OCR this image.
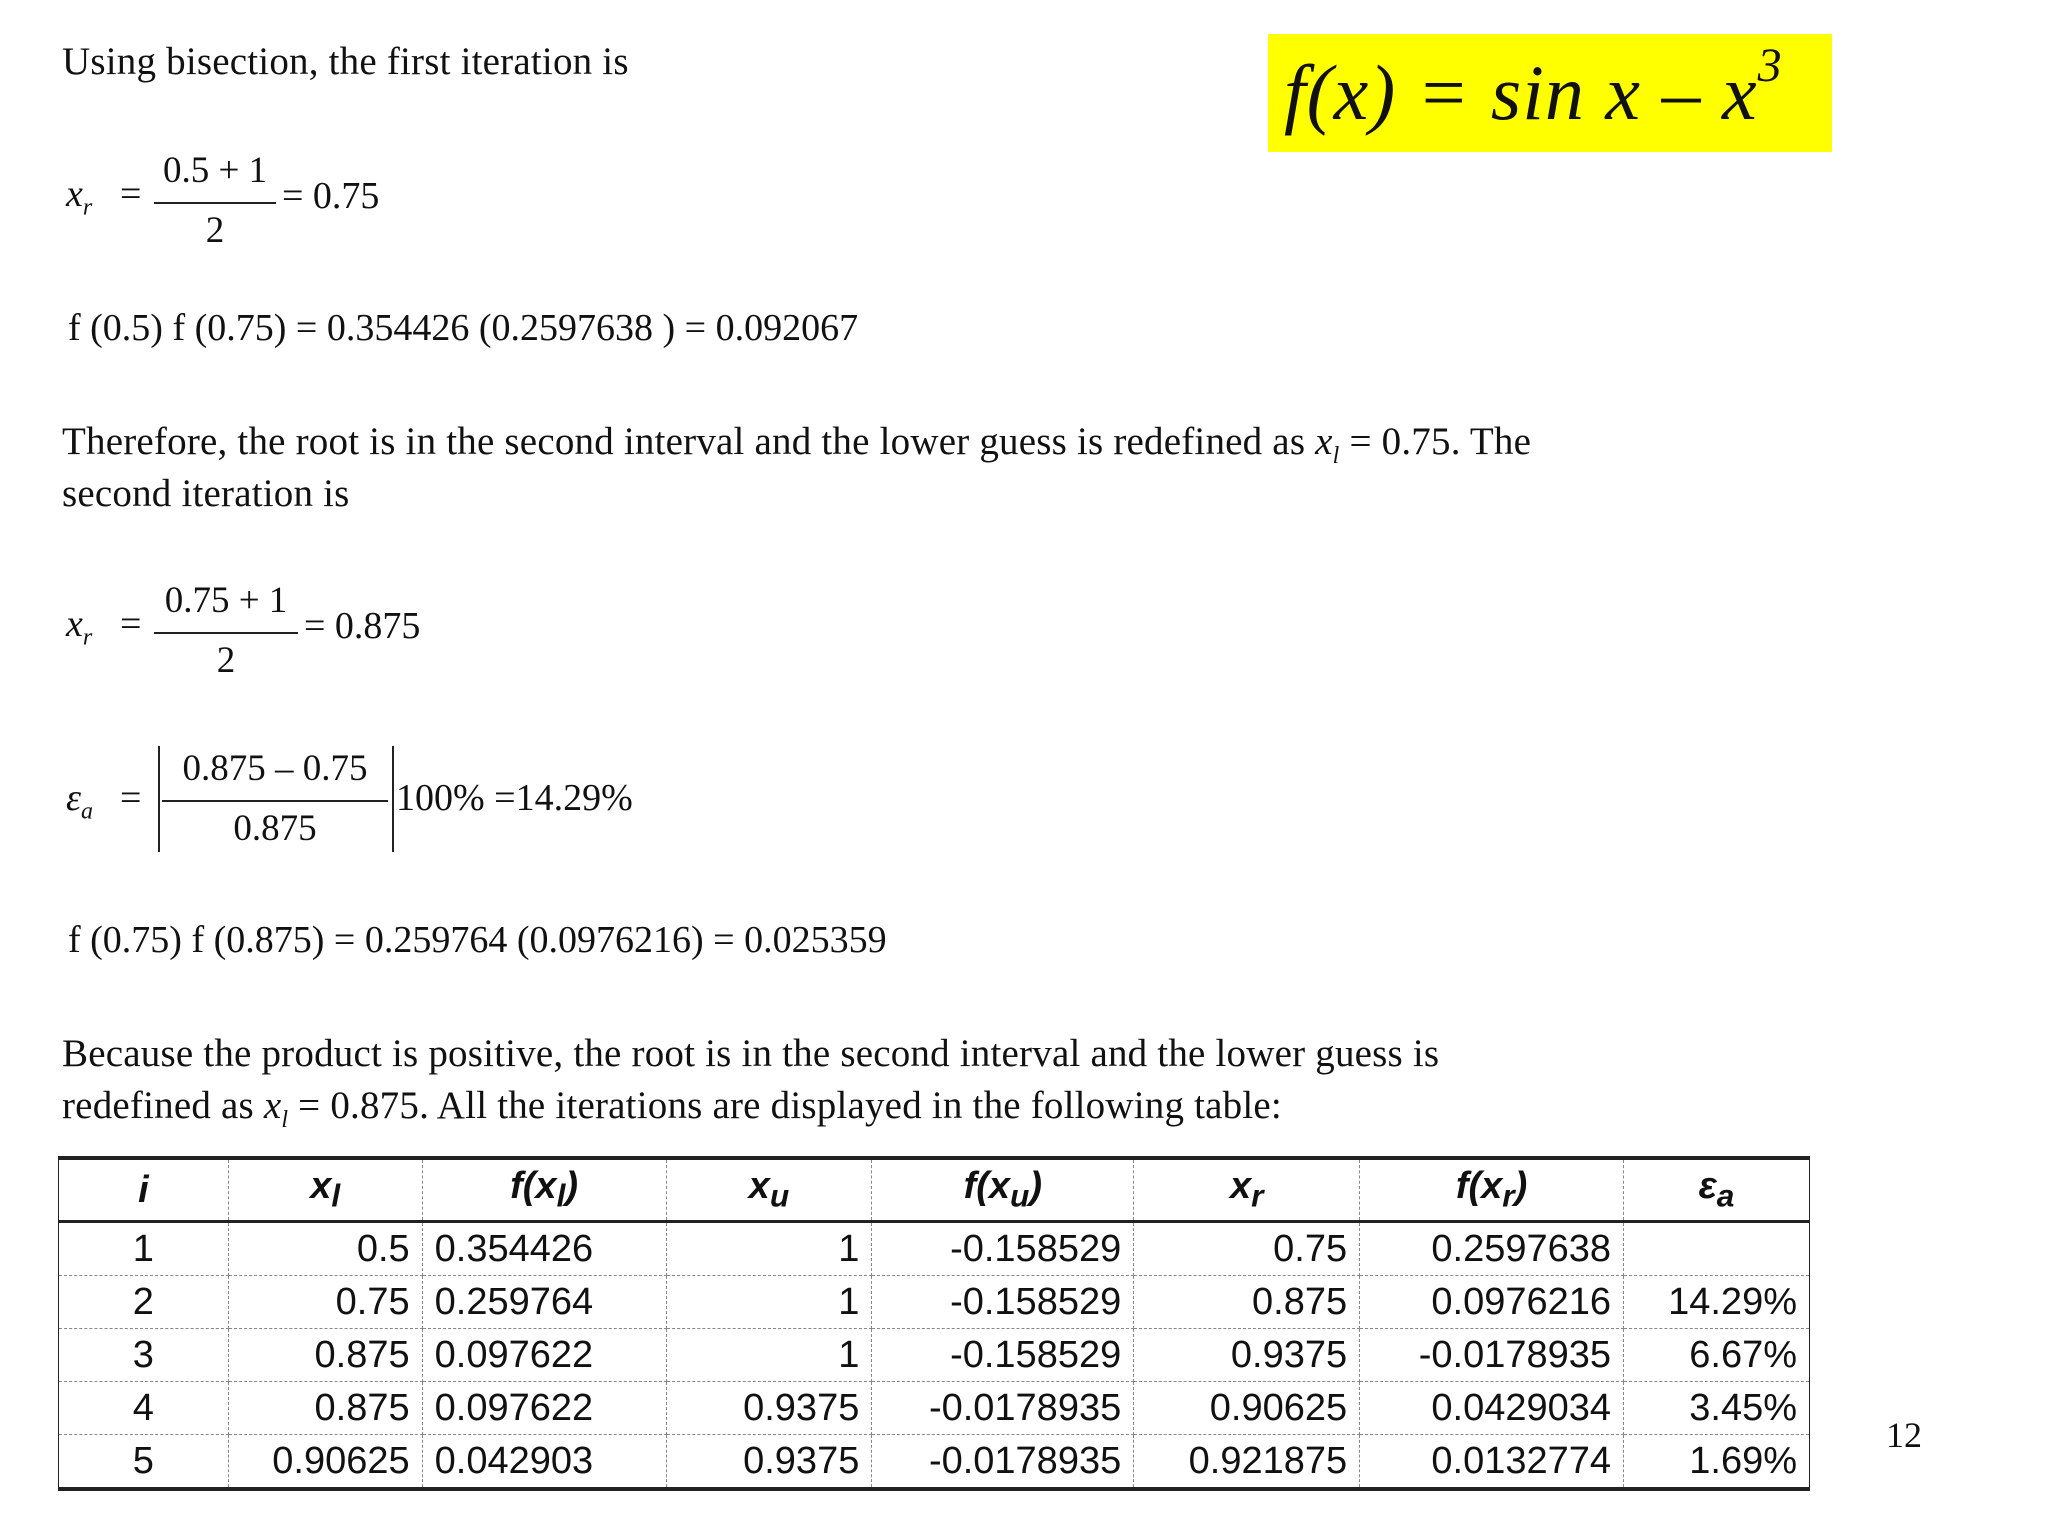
Using bisection, the first iteration is	$f(x) = \sin x - x^3$
$x_r$ =
0.5 + 1
2
= 0.75
f (0.5) f (0.75) = 0.354426 (0.2597638 ) = 0.092067
Therefore, the root is in the second interval and the lower guess is redefined as $x_l = 0.75$. The
second iteration is
$x_r$ =
0.75 + 1
2
= 0.875
$\varepsilon_a$ =
0.875 – 0.75
0.875
100% =14.29%
f (0.75) f (0.875) = 0.259764 (0.0976216) = 0.025359
Because the product is positive, the root is in the second interval and the lower guess is
redefined as $x_l = 0.875$. All the iterations are displayed in the following table:
i	$x_l$	$f(x_l)$	$x_u$	$f(x_u)$	$x_r$	$f(x_r)$	$\varepsilon_a$
1	0.5	0.354426	1	-0.158529	0.75	0.2597638	
2	0.75	0.259764	1	-0.158529	0.875	0.0976216	14.29%
3	0.875	0.097622	1	-0.158529	0.9375	-0.0178935	6.67%
4	0.875	0.097622	0.9375	-0.0178935	0.90625	0.0429034	3.45%
5	0.90625	0.042903	0.9375	-0.0178935	0.921875	0.0132774	1.69%
12
